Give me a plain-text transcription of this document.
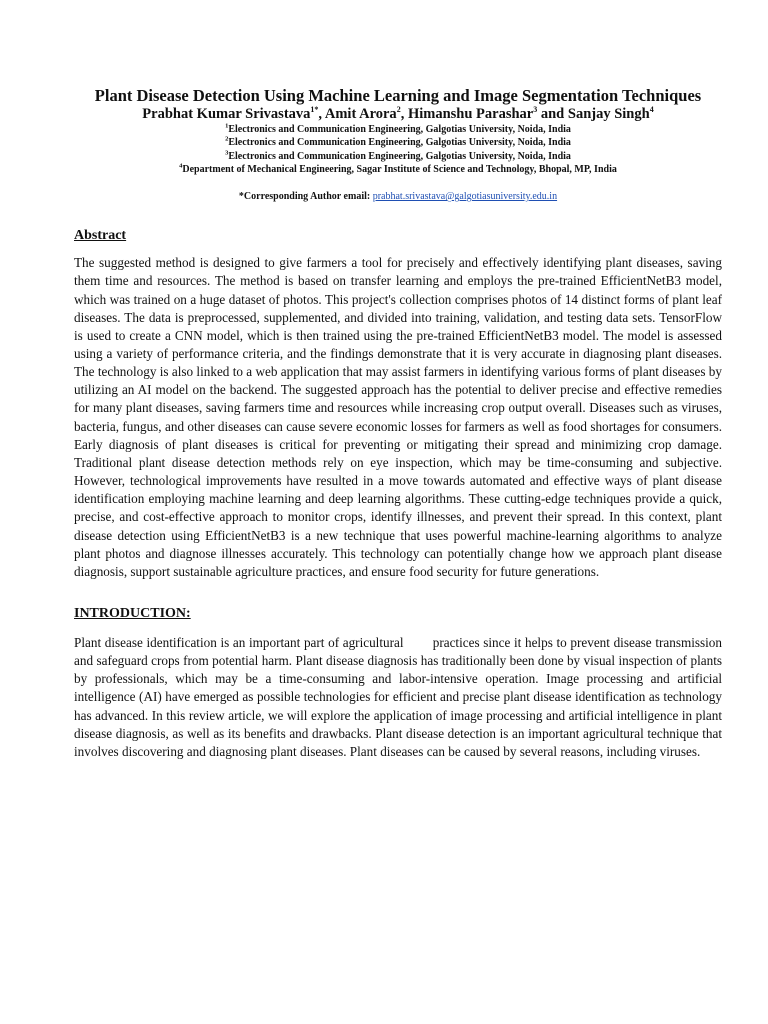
Plant Disease Detection Using Machine Learning and Image Segmentation Techniques

Prabhat Kumar Srivastava$^{1*}$, Amit Arora$^2$, Himanshu Parashar$^3$ and Sanjay Singh$^4$

$^1$Electronics and Communication Engineering, Galgotias University, Noida, India

$^2$Electronics and Communication Engineering, Galgotias University, Noida, India

$^3$Electronics and Communication Engineering, Galgotias University, Noida, India

$^4$Department of Mechanical Engineering, Sagar Institute of Science and Technology, Bhopal, MP, India

*Corresponding Author email: prabhat.srivastava@galgotiasuniversity.edu.in

Abstract

The suggested method is designed to give farmers a tool for precisely and effectively identifying plant diseases, saving them time and resources. The method is based on transfer learning and employs the pre-trained EfficientNetB3 model, which was trained on a huge dataset of photos. This project's collection comprises photos of 14 distinct forms of plant leaf diseases. The data is preprocessed, supplemented, and divided into training, validation, and testing data sets. TensorFlow is used to create a CNN model, which is then trained using the pre-trained EfficientNetB3 model. The model is assessed using a variety of performance criteria, and the findings demonstrate that it is very accurate in diagnosing plant diseases. The technology is also linked to a web application that may assist farmers in identifying various forms of plant diseases by utilizing an AI model on the backend. The suggested approach has the potential to deliver precise and effective remedies for many plant diseases, saving farmers time and resources while increasing crop output overall. Diseases such as viruses, bacteria, fungus, and other diseases can cause severe economic losses for farmers as well as food shortages for consumers. Early diagnosis of plant diseases is critical for preventing or mitigating their spread and minimizing crop damage. Traditional plant disease detection methods rely on eye inspection, which may be time-consuming and subjective. However, technological improvements have resulted in a move towards automated and effective ways of plant disease identification employing machine learning and deep learning algorithms. These cutting-edge techniques provide a quick, precise, and cost-effective approach to monitor crops, identify illnesses, and prevent their spread. In this context, plant disease detection using EfficientNetB3 is a new technique that uses powerful machine-learning algorithms to analyze plant photos and diagnose illnesses accurately. This technology can potentially change how we approach plant disease diagnosis, support sustainable agriculture practices, and ensure food security for future generations.

INTRODUCTION:

Plant disease identification is an important part of agricultural        practices since it helps to prevent disease transmission and safeguard crops from potential harm. Plant disease diagnosis has traditionally been done by visual inspection of plants by professionals, which may be a time-consuming and labor-intensive operation. Image processing and artificial intelligence (AI) have emerged as possible technologies for efficient and precise plant disease identification as technology has advanced. In this review article, we will explore the application of image processing and artificial intelligence in plant disease diagnosis, as well as its benefits and drawbacks. Plant disease detection is an important agricultural technique that involves discovering and diagnosing plant diseases. Plant diseases can be caused by several reasons, including viruses.
